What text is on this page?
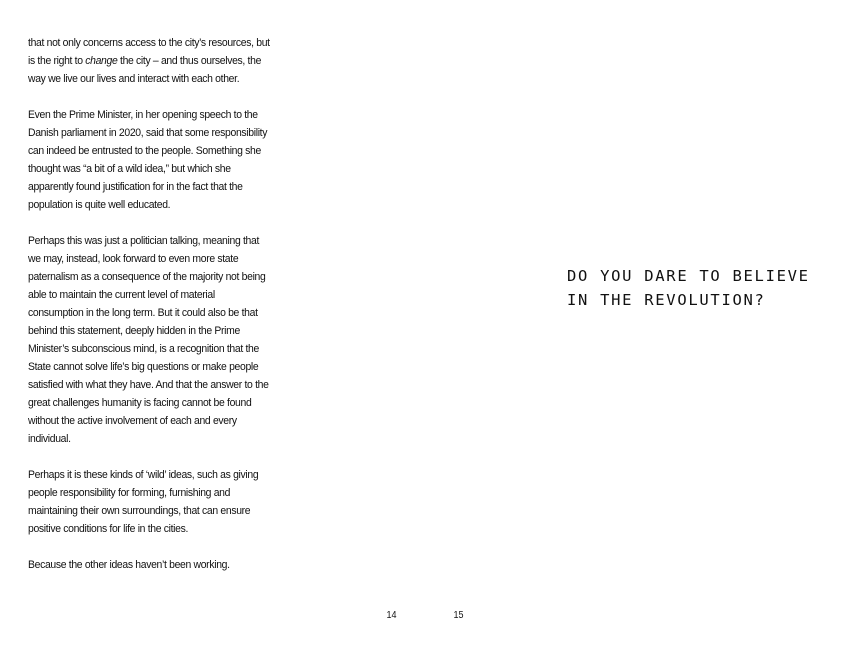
that not only concerns access to the city’s resources, but is the right to change the city – and thus ourselves, the way we live our lives and interact with each other.

Even the Prime Minister, in her opening speech to the Danish parliament in 2020, said that some responsibility can indeed be entrusted to the people. Something she thought was “a bit of a wild idea,” but which she apparently found justification for in the fact that the population is quite well educated.

Perhaps this was just a politician talking, meaning that we may, instead, look forward to even more state paternalism as a consequence of the majority not being able to maintain the current level of material consumption in the long term. But it could also be that behind this statement, deeply hidden in the Prime Minister’s subconscious mind, is a recognition that the State cannot solve life’s big questions or make people satisfied with what they have. And that the answer to the great challenges humanity is facing cannot be found without the active involvement of each and every individual.

Perhaps it is these kinds of ‘wild’ ideas, such as giving people responsibility for forming, furnishing and maintaining their own surroundings, that can ensure positive conditions for life in the cities.

Because the other ideas haven’t been working.

14
DO YOU DARE TO BELIEVE
IN THE REVOLUTION?
15
